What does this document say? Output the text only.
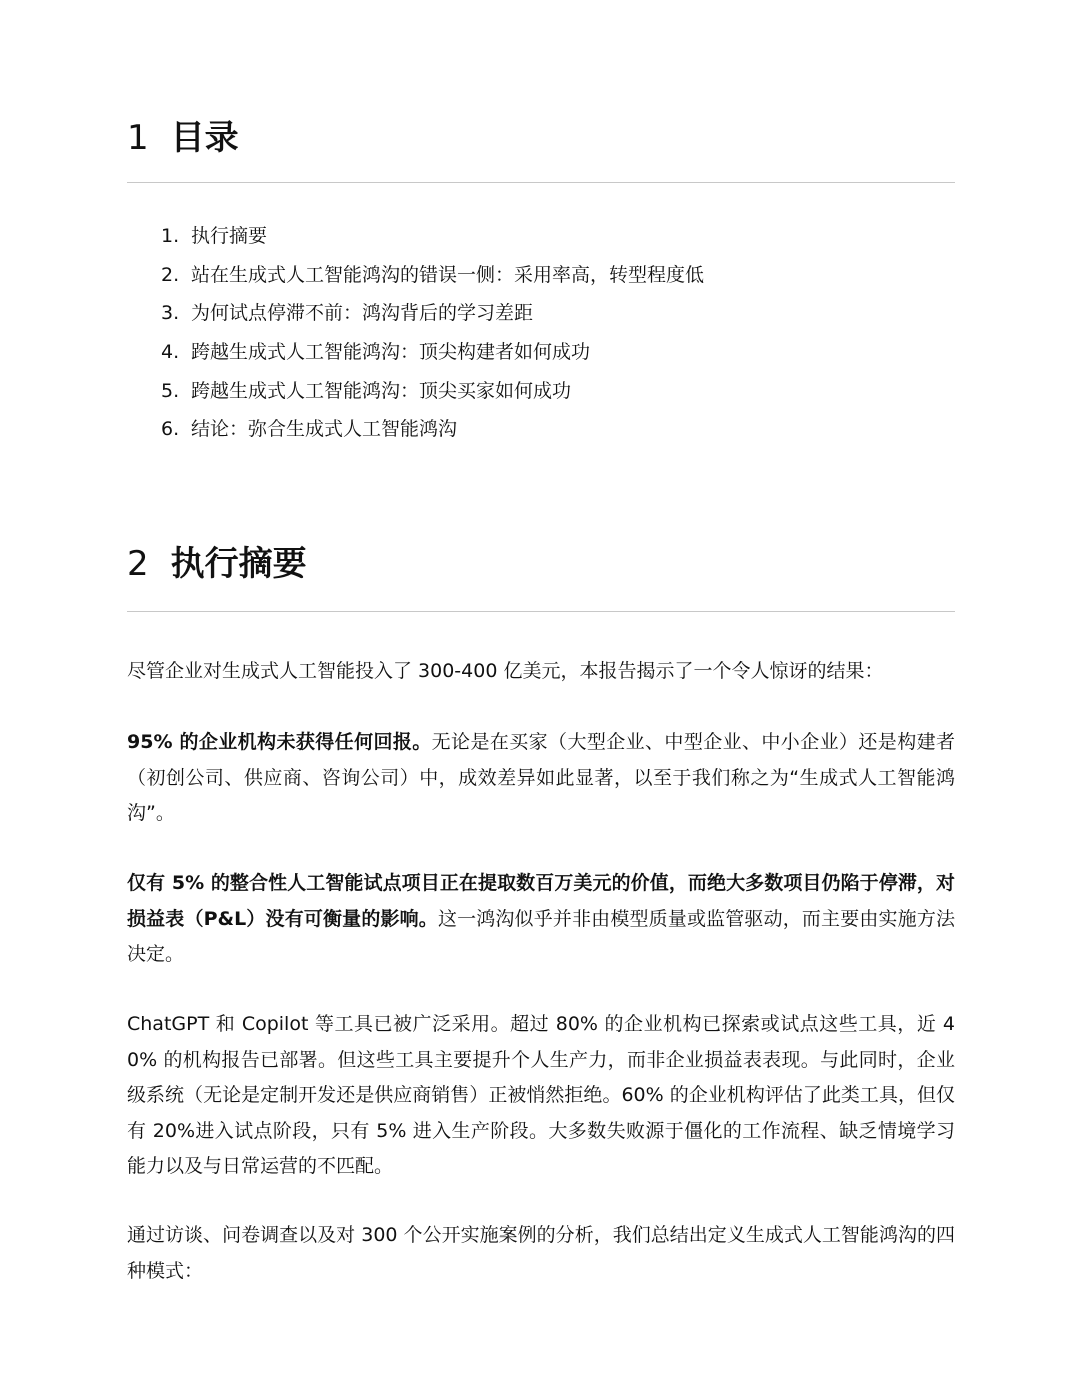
1 目录
1. 执行摘要
2. 站在生成式人工智能鸿沟的错误一侧：采用率高，转型程度低
3. 为何试点停滞不前：鸿沟背后的学习差距
4. 跨越生成式人工智能鸿沟：顶尖构建者如何成功
5. 跨越生成式人工智能鸿沟：顶尖买家如何成功
6. 结论：弥合生成式人工智能鸿沟
2 执行摘要

尽管企业对生成式人工智能投入了 300-400 亿美元，本报告揭示了一个令人惊讶的结果：

95% 的企业机构未获得任何回报。无论是在买家（大型企业、中型企业、中小企业）还是构建者（初创公司、供应商、咨询公司）中，成效差异如此显著，以至于我们称之为“生成式人工智能鸿沟”。

仅有 5% 的整合性人工智能试点项目正在提取数百万美元的价值，而绝大多数项目仍陷于停滞，对损益表（P&L）没有可衡量的影响。这一鸿沟似乎并非由模型质量或监管驱动，而主要由实施方法决定。

ChatGPT 和 Copilot 等工具已被广泛采用。超过 80% 的企业机构已探索或试点这些工具，近 40% 的机构报告已部署。但这些工具主要提升个人生产力，而非企业损益表表现。与此同时，企业级系统（无论是定制开发还是供应商销售）正被悄然拒绝。60% 的企业机构评估了此类工具，但仅有 20%进入试点阶段，只有 5% 进入生产阶段。大多数失败源于僵化的工作流程、缺乏情境学习能力以及与日常运营的不匹配。

通过访谈、问卷调查以及对 300 个公开实施案例的分析，我们总结出定义生成式人工智能鸿沟的四种模式：
